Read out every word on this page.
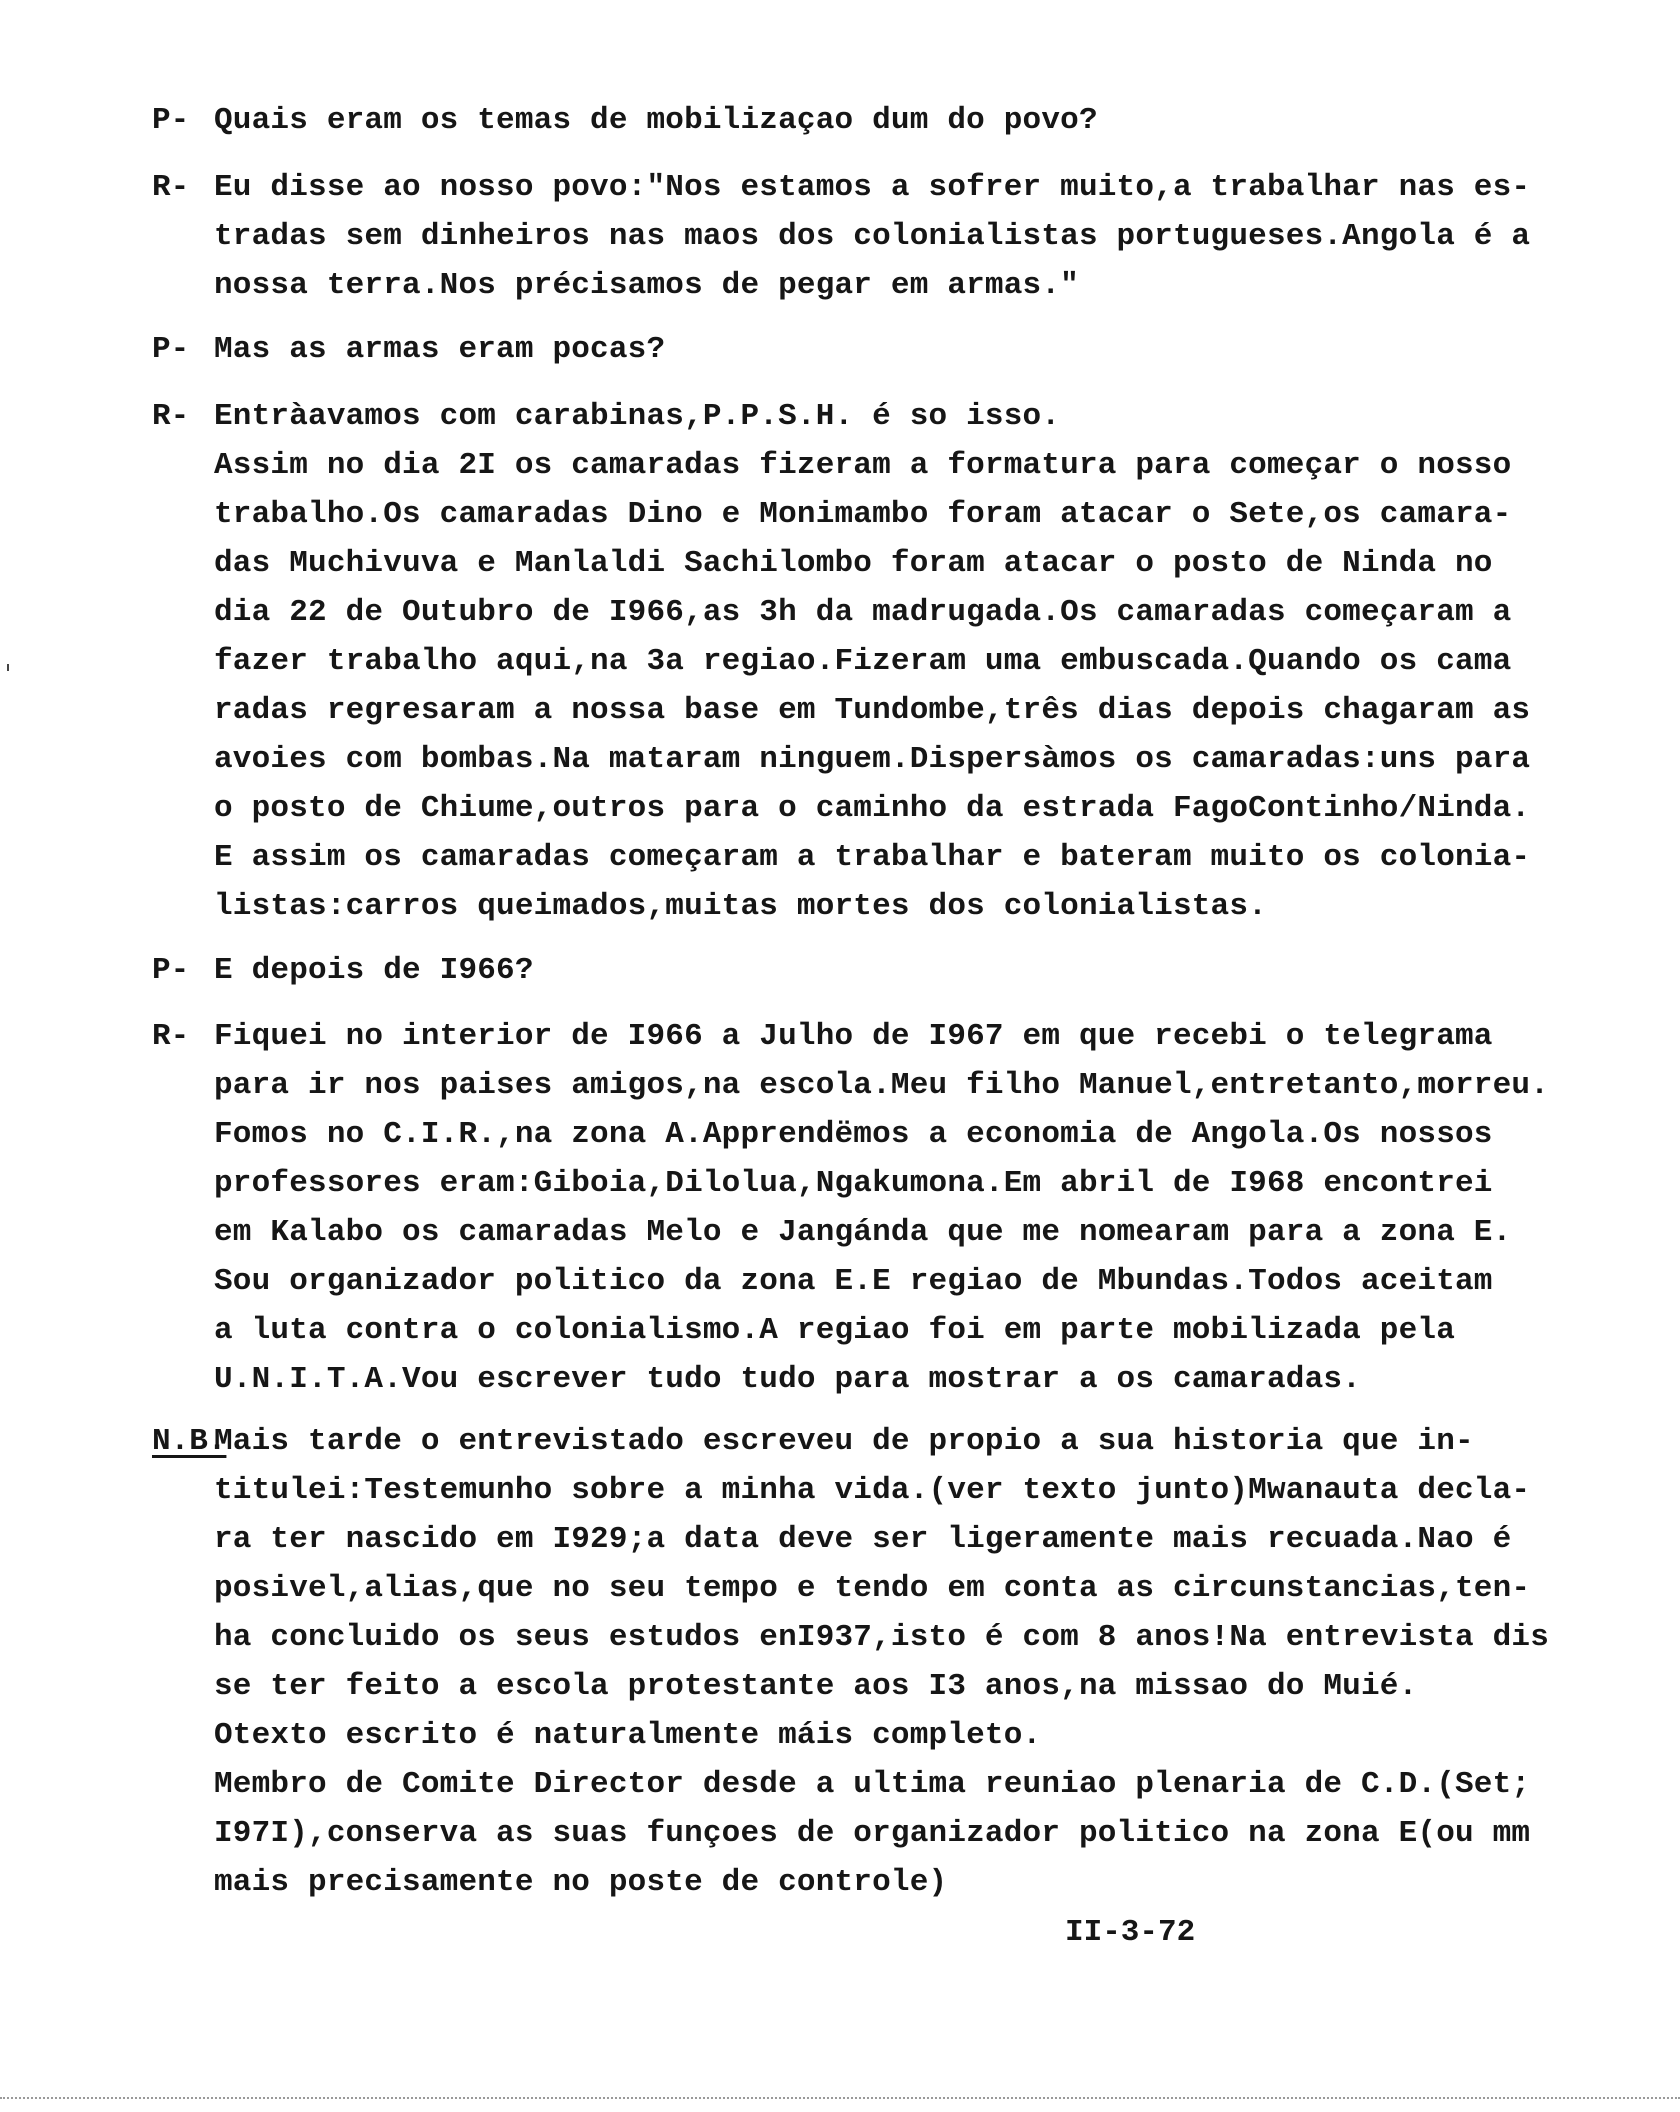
P- Quais eram os temas de mobilizaçao dum do povo?
R- Eu disse ao nosso povo:"Nos estamos a sofrer muito,a trabalhar nas es-
tradas sem dinheiros nas maos dos colonialistas portugueses.Angola é a
nossa terra.Nos précisamos de pegar em armas."
P- Mas as armas eram pocas?
R- Entràavamos com carabinas,P.P.S.H. é so isso.
Assim no dia 2I os camaradas fizeram a formatura para começar o nosso
trabalho.Os camaradas Dino e Monimambo foram atacar o Sete,os camara-
das Muchivuva e Manlaldi Sachilombo foram atacar o posto de Ninda no
dia 22 de Outubro de I966,as 3h da madrugada.Os camaradas começaram a
fazer trabalho aqui,na 3a regiao.Fizeram uma embuscada.Quando os cama
radas regresaram a nossa base em Tundombe,três dias depois chagaram as
avoies com bombas.Na mataram ninguem.Dispersàmos os camaradas:uns para
o posto de Chiume,outros para o caminho da estrada FagoContinho/Ninda.
E assim os camaradas começaram a trabalhar e bateram muito os colonia-
listas:carros queimados,muitas mortes dos colonialistas.
P- E depois de I966?
R- Fiquei no interior de I966 a Julho de I967 em que recebi o telegrama
para ir nos paises amigos,na escola.Meu filho Manuel,entretanto,morreu.
Fomos no C.I.R.,na zona A.Apprendëmos a economia de Angola.Os nossos
professores eram:Giboia,Dilolua,Ngakumona.Em abril de I968 encontrei
em Kalabo os camaradas Melo e Jangánda que me nomearam para a zona E.
Sou organizador politico da zona E.E regiao de Mbundas.Todos aceitam
a luta contra o colonialismo.A regiao foi em parte mobilizada pela
U.N.I.T.A.Vou escrever tudo tudo para mostrar a os camaradas.
N.B.
Mais tarde o entrevistado escreveu de propio a sua historia que in-
titulei:Testemunho sobre a minha vida.(ver texto junto)Mwanauta decla-
ra ter nascido em I929;a data deve ser ligeramente mais recuada.Nao é
posivel,alias,que no seu tempo e tendo em conta as circunstancias,ten-
ha concluido os seus estudos enI937,isto é com 8 anos!Na entrevista dis
se ter feito a escola protestante aos I3 anos,na missao do Muié.
Otexto escrito é naturalmente máis completo.
Membro de Comite Director desde a ultima reuniao plenaria de C.D.(Set;
I97I),conserva as suas funçoes de organizador politico na zona E(ou mm
mais precisamente no poste de controle)
II-3-72
